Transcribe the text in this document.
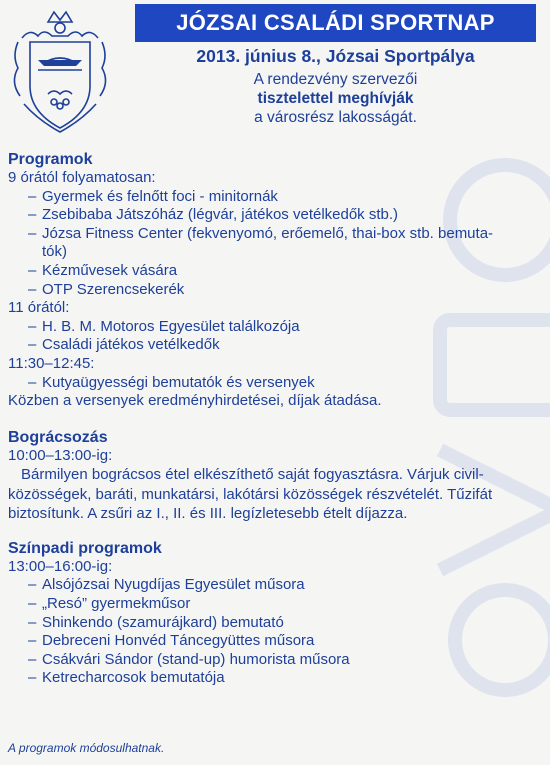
JÓZSAI CSALÁDI SPORTNAP
2013. június 8., Józsai Sportpálya
A rendezvény szervezői
tisztelettel meghívják
a városrész lakosságát.

Programok

9 órától folyamatosan:

– Gyermek és felnőtt foci - minitornák

– Zsebibaba Játszóház (légvár, játékos vetélkedők stb.)

– Józsa Fitness Center (fekvenyomó, erőemelő, thai-box stb. bemuta-

tók)

– Kézművesek vására

– OTP Szerencsekerék

11 órától:

– H. B. M. Motoros Egyesület találkozója

– Családi játékos vetélkedők

11:30–12:45:

– Kutyaügyességi bemutatók és versenyek

Közben a versenyek eredményhirdetései, díjak átadása.

Bográcsozás

10:00–13:00-ig:

Bármilyen bográcsos étel elkészíthető saját fogyasztásra. Várjuk civil-
közösségek, baráti, munkatársi, lakótársi közösségek részvételét. Tűzifát
biztosítunk. A zsűri az I., II. és III. legízletesebb ételt díjazza.

Színpadi programok

13:00–16:00-ig:

– Alsójózsai Nyugdíjas Egyesület műsora

– „Resó” gyermekműsor

– Shinkendo (szamurájkard) bemutató

– Debreceni Honvéd Táncegyüttes műsora

– Csákvári Sándor (stand-up) humorista műsora

– Ketrecharcosok bemutatója

A programok módosulhatnak.
